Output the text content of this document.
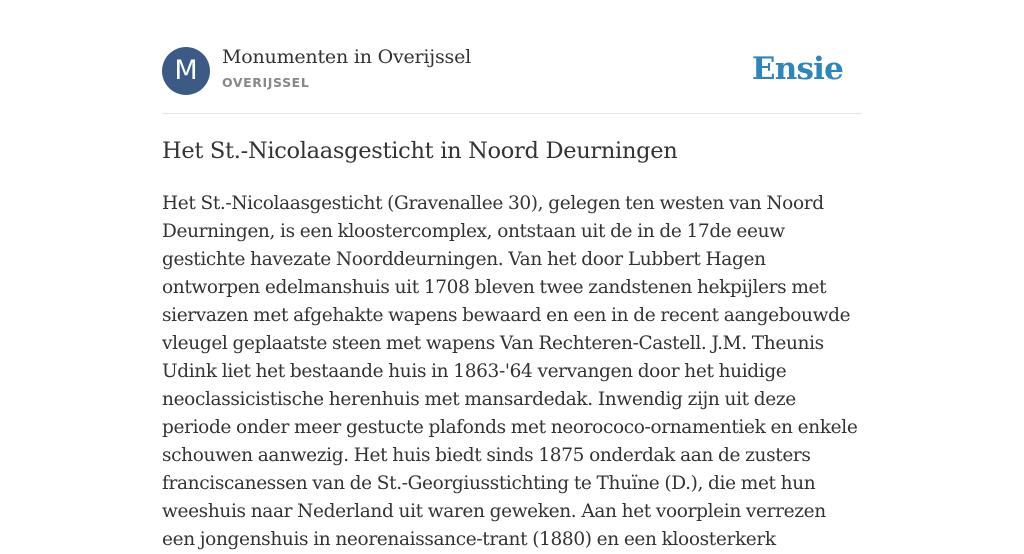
M	Monumenten in Overijssel
OVERIJSSEL	Ensie
Het St.-Nicolaasgesticht in Noord Deurningen

Het St.-Nicolaasgesticht (Gravenallee 30), gelegen ten westen van Noord Deurningen, is een kloostercomplex, ontstaan uit de in de 17de eeuw gestichte havezate Noorddeurningen. Van het door Lubbert Hagen ontworpen edelmanshuis uit 1708 bleven twee zandstenen hekpijlers met siervazen met afgehakte wapens bewaard en een in de recent aangebouwde vleugel geplaatste steen met wapens Van Rechteren-Castell. J.M. Theunis Udink liet het bestaande huis in 1863-'64 vervangen door het huidige neoclassicistische herenhuis met mansardedak. Inwendig zijn uit deze periode onder meer gestucte plafonds met neorococo-ornamentiek en enkele schouwen aanwezig. Het huis biedt sinds 1875 onderdak aan de zusters franciscanessen van de St.-Georgiusstichting te Thuïne (D.), die met hun weeshuis naar Nederland uit waren geweken. Aan het voorplein verrezen een jongenshuis in neorenaissance-trant (1880) en een kloosterkerk
